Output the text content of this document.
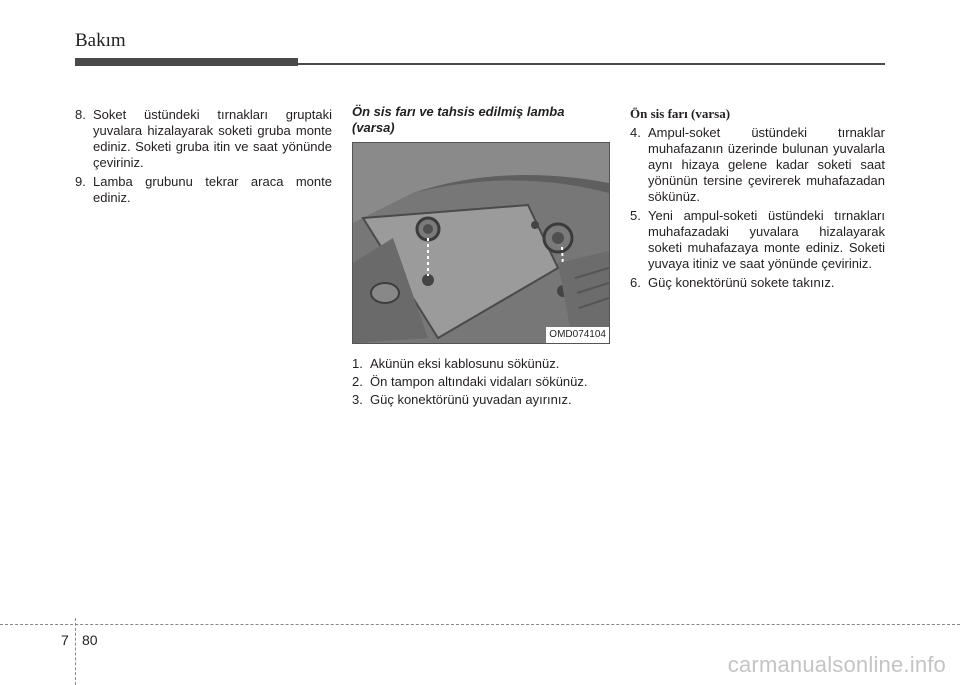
Bakım
8. Soket üstündeki tırnakları gruptaki yuvalara hizalayarak soketi gruba monte ediniz. Soketi gruba itin ve saat yönünde çeviriniz.
9. Lamba grubunu tekrar araca monte ediniz.
Ön sis farı ve tahsis edilmiş lamba (varsa)
OMD074104
1. Akünün eksi kablosunu sökünüz.
2. Ön tampon altındaki vidaları sökünüz.
3. Güç konektörünü yuvadan ayırınız.
Ön sis farı (varsa)
4. Ampul-soket üstündeki tırnaklar muhafazanın üzerinde bulunan yuvalarla aynı hizaya gelene kadar soketi saat yönünün tersine çevirerek muhafazadan sökünüz.
5. Yeni ampul-soketi üstündeki tırnakları muhafazadaki yuvalara hizalayarak soketi muhafazaya monte ediniz. Soketi yuvaya itiniz ve saat yönünde çeviriniz.
6. Güç konektörünü sokete takınız.
7 80
carmanualsonline.info
